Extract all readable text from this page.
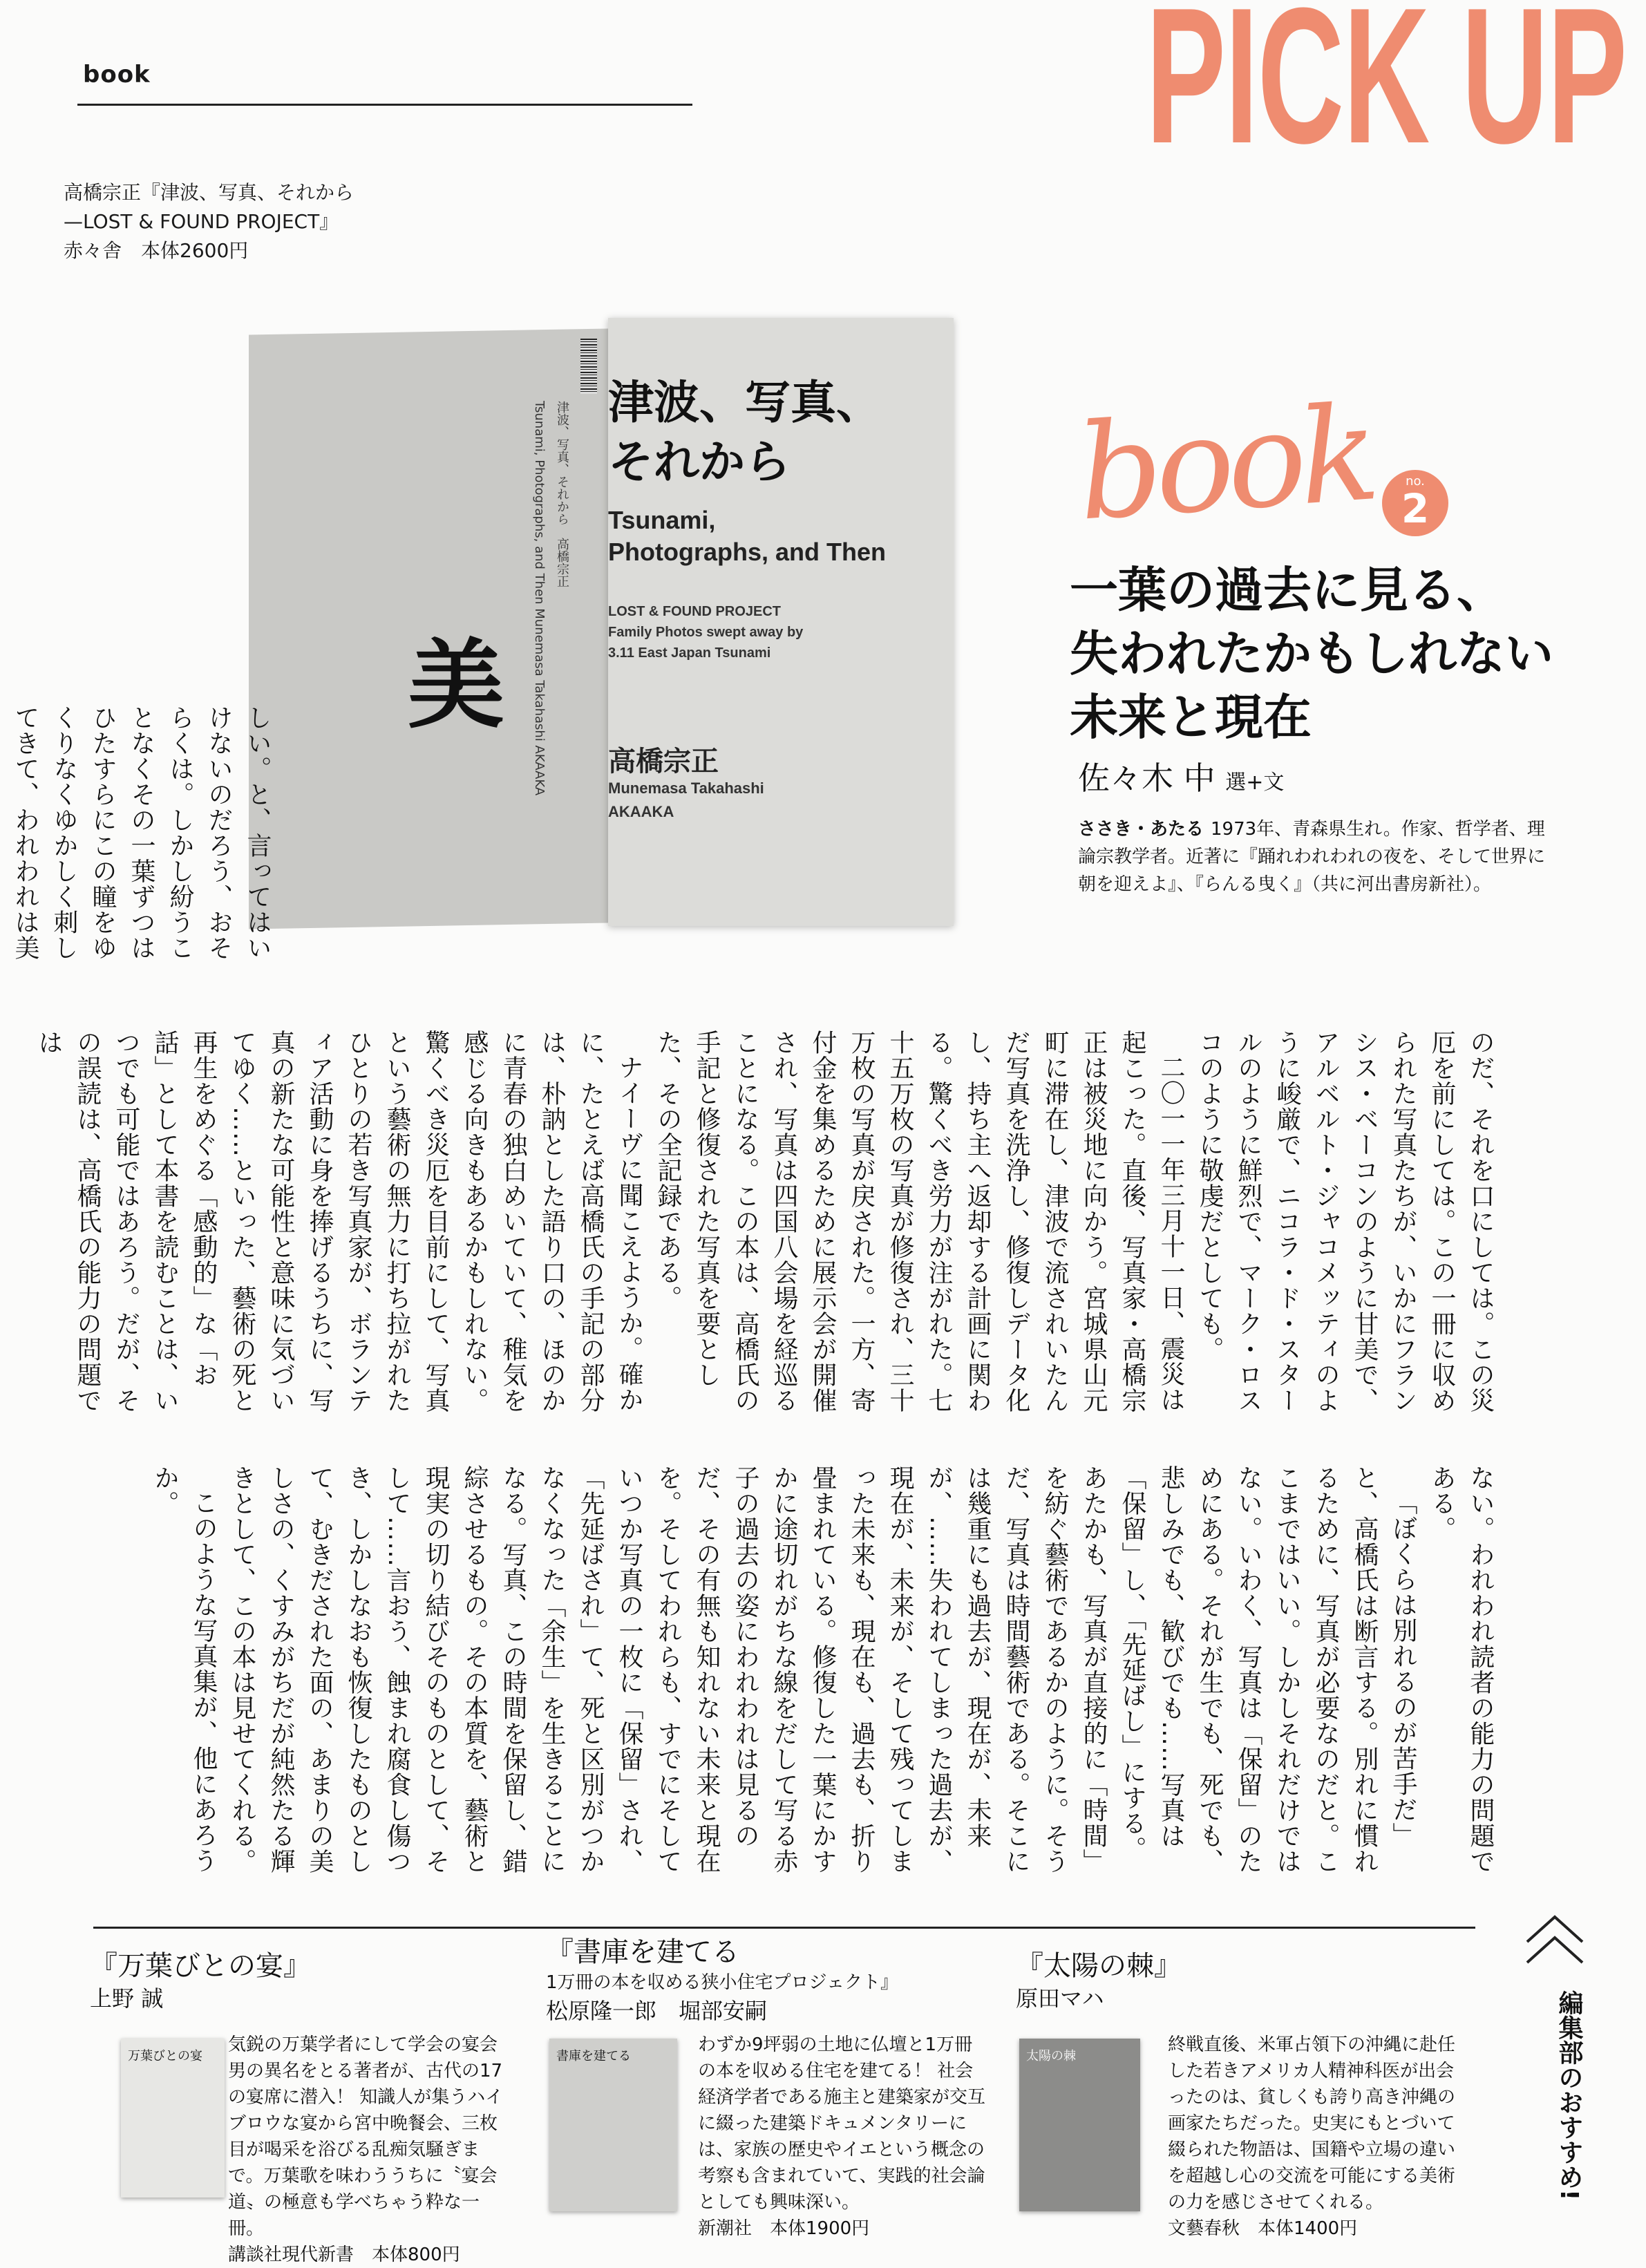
book	PICK UP
高橋宗正『津波、写真、それから
—LOST & FOUND PROJECT』
赤々舎　本体2600円
津波、写真、それから　高橋宗正
Tsunami, Photographs, and Then Munemasa Takahashi AKAAKA 津波、写真、
それから
Tsunami,
Photographs, and Then
LOST & FOUND PROJECT
Family Photos swept away by
3.11 East Japan Tsunami
高橋宗正
Munemasa Takahashi
AKAAKA
美
book	no.
2
一葉の過去に見る、
失われたかもしれない
未来と現在
佐々木 中 選+文
ささき・あたる 1973年、青森県生れ。作家、哲学者、理論宗教学者。近著に『踊れわれわれの夜を、そして世界に朝を迎えよ』、『らんる曳く』（共に河出書房新社）。

しい。と、言ってはいけないのだろう、おそらくは。しかし紛うことなくその一葉ずつはひたすらにこの瞳をゆくりなくゆかしく刺してきて、われわれは美

のだ、それを口にしては。この災厄を前にしては。この一冊に収められた写真たちが、いかにフランシス・ベーコンのように甘美で、アルベルト・ジャコメッティのように峻厳で、ニコラ・ド・スタールのように鮮烈で、マーク・ロスコのように敬虔だとしても。

二〇一一年三月十一日、震災は起こった。直後、写真家・高橋宗正は被災地に向かう。宮城県山元町に滞在し、津波で流されいたんだ写真を洗浄し、修復しデータ化し、持ち主へ返却する計画に関わる。驚くべき労力が注がれた。七十五万枚の写真が修復され、三十万枚の写真が戻された。一方、寄付金を集めるために展示会が開催され、写真は四国八会場を経巡ることになる。この本は、高橋氏の手記と修復された写真を要とした、その全記録である。

ナイーヴに聞こえようか。確かに、たとえば高橋氏の手記の部分は、朴訥とした語り口の、ほのかに青春の独白めいていて、稚気を感じる向きもあるかもしれない。驚くべき災厄を目前にして、写真という藝術の無力に打ち拉がれたひとりの若き写真家が、ボランティア活動に身を捧げるうちに、写真の新たな可能性と意味に気づいてゆく……といった、藝術の死と再生をめぐる「感動的」な「お話」として本書を読むことは、いつでも可能ではあろう。だが、その誤読は、高橋氏の能力の問題では

ない。われわれ読者の能力の問題である。

「ぼくらは別れるのが苦手だ」と、高橋氏は断言する。別れに慣れるために、写真が必要なのだと。ここまではいい。しかしそれだけではない。いわく、写真は「保留」のためにある。それが生でも、死でも、悲しみでも、歓びでも……写真は「保留」し、「先延ばし」にする。あたかも、写真が直接的に「時間」を紡ぐ藝術であるかのように。そうだ、写真は時間藝術である。そこには幾重にも過去が、現在が、未来が、……失われてしまった過去が、現在が、未来が、そして残ってしまった未来も、現在も、過去も、折り畳まれている。修復した一葉にかすかに途切れがちな線をだして写る赤子の過去の姿にわれわれは見るのだ、その有無も知れない未来と現在を。そしてわれらも、すでにそしていつか写真の一枚に「保留」され、「先延ばされ」て、死と区別がつかなくなった「余生」を生きることになる。写真、この時間を保留し、錯綜させるもの。その本質を、藝術と現実の切り結びそのものとして、そして……言おう、蝕まれ腐食し傷つき、しかしなおも恢復したものとして、むきだされた面の、あまりの美しさの、くすみがちだが純然たる輝きとして、この本は見せてくれる。

このような写真集が、他にあろうか。

編集部のおすすめ!
『万葉びとの宴』
上野 誠
万葉びとの宴
気鋭の万葉学者にして学会の宴会男の異名をとる著者が、古代の17の宴席に潜入！ 知識人が集うハイブロウな宴から宮中晩餐会、三枚目が喝采を浴びる乱痴気騒ぎまで。万葉歌を味わううちに〝宴会道〟の極意も学べちゃう粋な一冊。
講談社現代新書　本体800円
『書庫を建てる
1万冊の本を収める狭小住宅プロジェクト』
松原隆一郎　堀部安嗣
書庫を建てる
わずか9坪弱の土地に仏壇と1万冊の本を収める住宅を建てる！ 社会経済学者である施主と建築家が交互に綴った建築ドキュメンタリーには、家族の歴史やイエという概念の考察も含まれていて、実践的社会論としても興味深い。
新潮社　本体1900円
『太陽の棘』
原田マハ
太陽の棘
終戦直後、米軍占領下の沖縄に赴任した若きアメリカ人精神科医が出会ったのは、貧しくも誇り高き沖縄の画家たちだった。史実にもとづいて綴られた物語は、国籍や立場の違いを超越し心の交流を可能にする美術の力を感じさせてくれる。
文藝春秋　本体1400円
